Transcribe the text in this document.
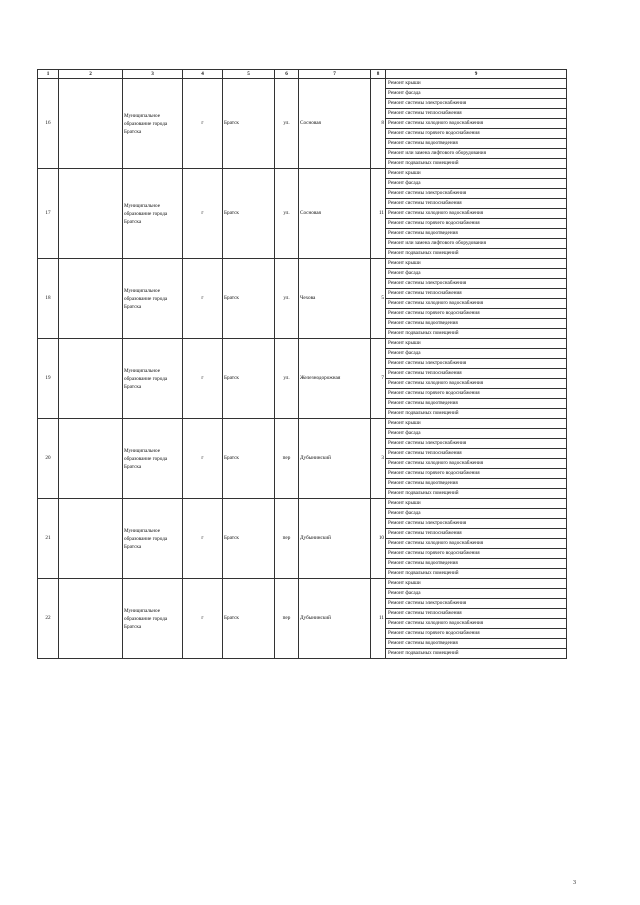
1	2	3	4	5	6	7	8	9
16		Муниципальное образование города Братска	г	Братск	ул.	Сосновая	8	Ремонт крыши
								Ремонт фасада
								Ремонт системы электроснабжения
								Ремонт системы теплоснабжения
								Ремонт системы холодного водоснабжения
								Ремонт системы горячего водоснабжения
								Ремонт системы водоотведения
								Ремонт или замена лифтового оборудования
								Ремонт подвальных помещений
17		Муниципальное образование города Братска	г	Братск	ул.	Сосновая	11	Ремонт крыши
								Ремонт фасада
								Ремонт системы электроснабжения
								Ремонт системы теплоснабжения
								Ремонт системы холодного водоснабжения
								Ремонт системы горячего водоснабжения
								Ремонт системы водоотведения
								Ремонт или замена лифтового оборудования
								Ремонт подвальных помещений
18		Муниципальное образование города Братска	г	Братск	ул.	Чехова	5	Ремонт крыши
								Ремонт фасада
								Ремонт системы электроснабжения
								Ремонт системы теплоснабжения
								Ремонт системы холодного водоснабжения
								Ремонт системы горячего водоснабжения
								Ремонт системы водоотведения
								Ремонт подвальных помещений
19		Муниципальное образование города Братска	г	Братск	ул.	Железнодорожная	7	Ремонт крыши
								Ремонт фасада
								Ремонт системы электроснабжения
								Ремонт системы теплоснабжения
								Ремонт системы холодного водоснабжения
								Ремонт системы горячего водоснабжения
								Ремонт системы водоотведения
								Ремонт подвальных помещений
20		Муниципальное образование города Братска	г	Братск	пер	Дубынинский	3	Ремонт крыши
								Ремонт фасада
								Ремонт системы электроснабжения
								Ремонт системы теплоснабжения
								Ремонт системы холодного водоснабжения
								Ремонт системы горячего водоснабжения
								Ремонт системы водоотведения
								Ремонт подвальных помещений
21		Муниципальное образование города Братска	г	Братск	пер	Дубынинский	10	Ремонт крыши
								Ремонт фасада
								Ремонт системы электроснабжения
								Ремонт системы теплоснабжения
								Ремонт системы холодного водоснабжения
								Ремонт системы горячего водоснабжения
								Ремонт системы водоотведения
								Ремонт подвальных помещений
22		Муниципальное образование города Братска	г	Братск	пер	Дубынинский	11	Ремонт крыши
								Ремонт фасада
								Ремонт системы электроснабжения
								Ремонт системы теплоснабжения
								Ремонт системы холодного водоснабжения
								Ремонт системы горячего водоснабжения
								Ремонт системы водоотведения
								Ремонт подвальных помещений
3
